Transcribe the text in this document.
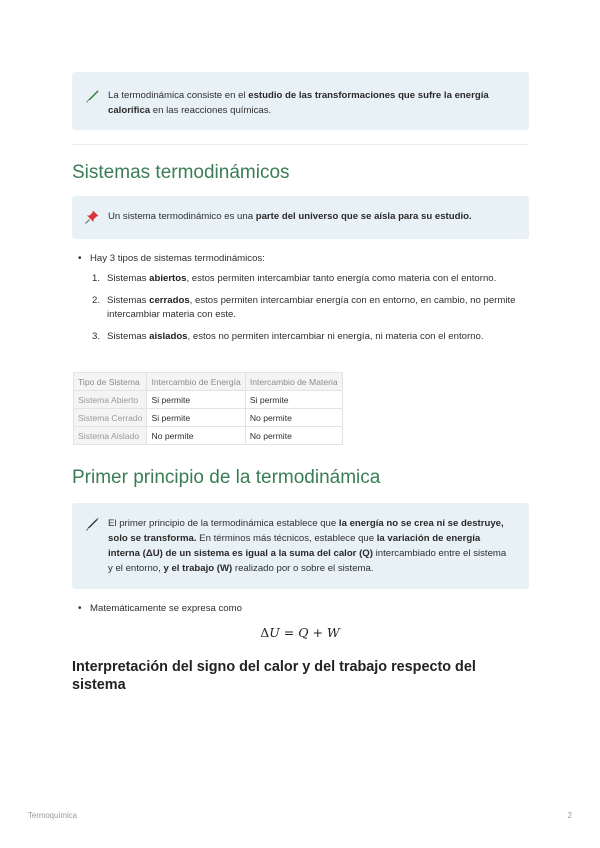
La termodinámica consiste en el estudio de las transformaciones que sufre la energía calorífica en las reacciones químicas.
Sistemas termodinámicos
Un sistema termodinámico es una parte del universo que se aísla para su estudio.
• Hay 3 tipos de sistemas termodinámicos:
1. Sistemas abiertos, estos permiten intercambiar tanto energía como materia con el entorno.
2. Sistemas cerrados, estos permiten intercambiar energía con en entorno, en cambio, no permite intercambiar materia con este.
3. Sistemas aislados, estos no permiten intercambiar ni energía, ni materia con el entorno.
Tipo de Sistema	Intercambio de Energía	Intercambio de Materia
Sistema Abierto	Si permite	Si permite
Sistema Cerrado	Si permite	No permite
Sistema Aislado	No permite	No permite
Primer principio de la termodinámica
El primer principio de la termodinámica establece que la energía no se crea ni se destruye, solo se transforma. En términos más técnicos, establece que la variación de energía interna (ΔU) de un sistema es igual a la suma del calor (Q) intercambiado entre el sistema y el entorno, y el trabajo (W) realizado por o sobre el sistema.
• Matemáticamente se expresa como
ΔU = Q + W
Interpretación del signo del calor y del trabajo respecto del sistema
Termoquímica	2
